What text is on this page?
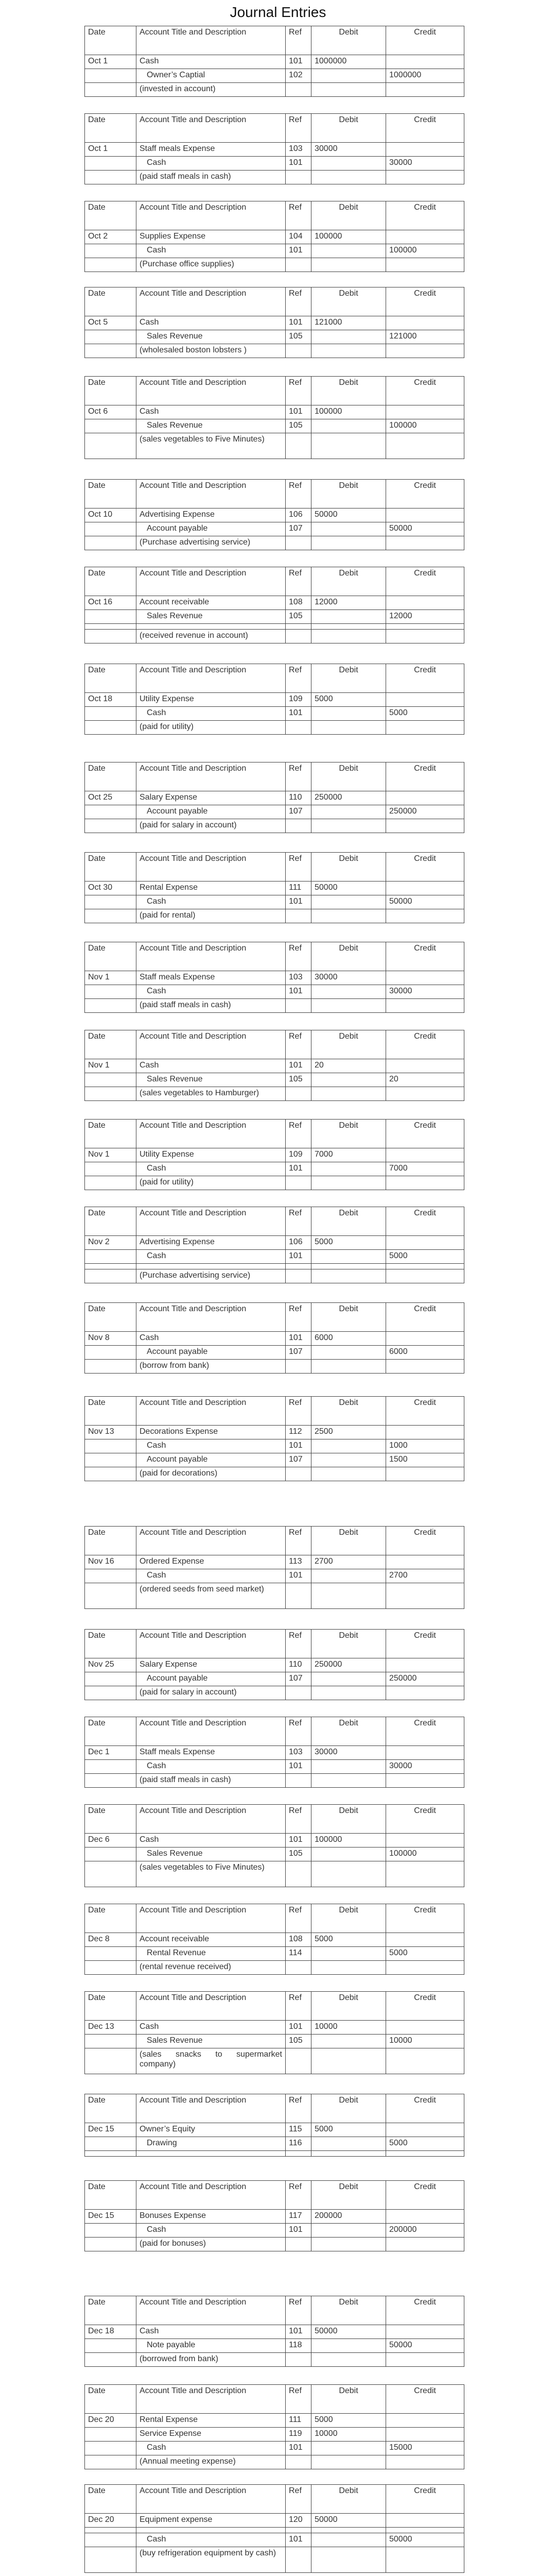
Journal Entries
Date	Account Title and Description	Ref	Debit	Credit
Oct 1	Cash	101	1000000	
	Owner’s Captial	102		1000000
	(invested in account)			
Date	Account Title and Description	Ref	Debit	Credit
Oct 1	Staff meals Expense	103	30000	
	Cash	101		30000
	(paid staff meals in cash)			
Date	Account Title and Description	Ref	Debit	Credit
Oct 2	Supplies Expense	104	100000	
	Cash	101		100000
	(Purchase office supplies)			
Date	Account Title and Description	Ref	Debit	Credit
Oct 5	Cash	101	121000	
	Sales Revenue	105		121000
	(wholesaled boston lobsters )			
Date	Account Title and Description	Ref	Debit	Credit
Oct 6	Cash	101	100000	
	Sales Revenue	105		100000
	(sales vegetables to Five Minutes)			
Date	Account Title and Description	Ref	Debit	Credit
Oct 10	Advertising Expense	106	50000	
	Account payable	107		50000
	(Purchase advertising service)			
Date	Account Title and Description	Ref	Debit	Credit
Oct 16	Account receivable	108	12000	
	Sales Revenue	105		12000

	(received revenue in account)			
Date	Account Title and Description	Ref	Debit	Credit
Oct 18	Utility Expense	109	5000	
	Cash	101		5000
	(paid for utility)			
Date	Account Title and Description	Ref	Debit	Credit
Oct 25	Salary Expense	110	250000	
	Account payable	107		250000
	(paid for salary in account)			
Date	Account Title and Description	Ref	Debit	Credit
Oct 30	Rental Expense	111	50000	
	Cash	101		50000
	(paid for rental)			
Date	Account Title and Description	Ref	Debit	Credit
Nov 1	Staff meals Expense	103	30000	
	Cash	101		30000
	(paid staff meals in cash)			
Date	Account Title and Description	Ref	Debit	Credit
Nov 1	Cash	101	20	
	Sales Revenue	105		20
	(sales vegetables to Hamburger)			
Date	Account Title and Description	Ref	Debit	Credit
Nov 1	Utility Expense	109	7000	
	Cash	101		7000
	(paid for utility)			
Date	Account Title and Description	Ref	Debit	Credit
Nov 2	Advertising Expense	106	5000	
	Cash	101		5000

	(Purchase advertising service)			
Date	Account Title and Description	Ref	Debit	Credit
Nov 8	Cash	101	6000	
	Account payable	107		6000
	(borrow from bank)			
Date	Account Title and Description	Ref	Debit	Credit
Nov 13	Decorations Expense	112	2500	
	Cash	101		1000
	Account payable	107		1500
	(paid for decorations)			
Date	Account Title and Description	Ref	Debit	Credit
Nov 16	Ordered Expense	113	2700	
	Cash	101		2700
	(ordered seeds from seed market)			
Date	Account Title and Description	Ref	Debit	Credit
Nov 25	Salary Expense	110	250000	
	Account payable	107		250000
	(paid for salary in account)			
Date	Account Title and Description	Ref	Debit	Credit
Dec 1	Staff meals Expense	103	30000	
	Cash	101		30000
	(paid staff meals in cash)			
Date	Account Title and Description	Ref	Debit	Credit
Dec 6	Cash	101	100000	
	Sales Revenue	105		100000
	(sales vegetables to Five Minutes)			
Date	Account Title and Description	Ref	Debit	Credit
Dec 8	Account receivable	108	5000	
	Rental Revenue	114		5000
	(rental revenue received)			
Date	Account Title and Description	Ref	Debit	Credit
Dec 13	Cash	101	10000	
	Sales Revenue	105		10000
	(sales snacks to supermarket company)			
Date	Account Title and Description	Ref	Debit	Credit
Dec 15	Owner’s Equity	115	5000	
	Drawing	116		5000

Date	Account Title and Description	Ref	Debit	Credit
Dec 15	Bonuses Expense	117	200000	
	Cash	101		200000
	(paid for bonuses)			
Date	Account Title and Description	Ref	Debit	Credit
Dec 18	Cash	101	50000	
	Note payable	118		50000
	(borrowed from bank)			
Date	Account Title and Description	Ref	Debit	Credit
Dec 20	Rental Expense	111	5000	
	Service Expense	119	10000	
	Cash	101		15000
	(Annual meeting expense)			
Date	Account Title and Description	Ref	Debit	Credit
Dec 20	Equipment expense	120	50000	

	Cash	101		50000
	(buy refrigeration equipment by cash)			
